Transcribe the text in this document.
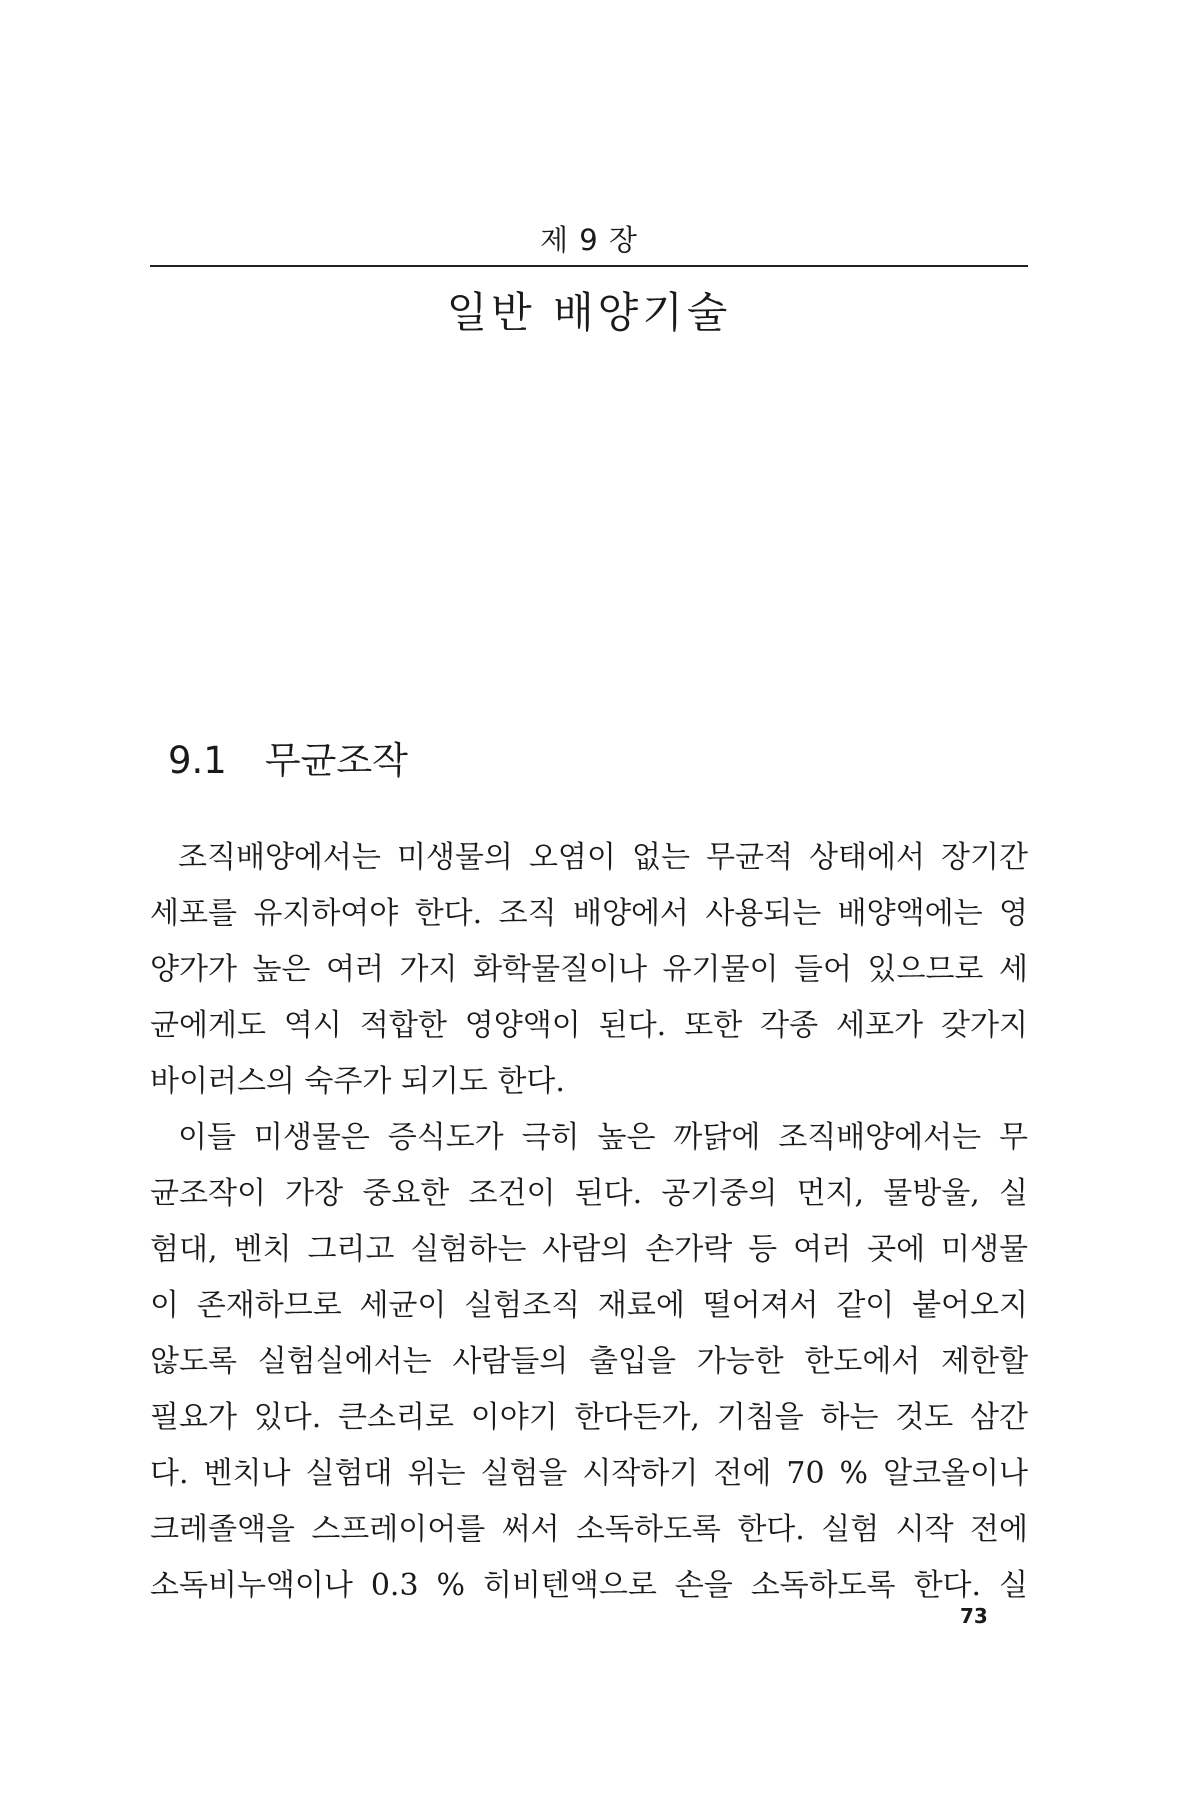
제 9 장
일반 배양기술
9.1 무균조작
조직배양에서는 미생물의 오염이 없는 무균적 상태에서 장기간
세포를 유지하여야 한다. 조직 배양에서 사용되는 배양액에는 영
양가가 높은 여러 가지 화학물질이나 유기물이 들어 있으므로 세
균에게도 역시 적합한 영양액이 된다. 또한 각종 세포가 갖가지
바이러스의 숙주가 되기도 한다.
이들 미생물은 증식도가 극히 높은 까닭에 조직배양에서는 무
균조작이 가장 중요한 조건이 된다. 공기중의 먼지, 물방울, 실
험대, 벤치 그리고 실험하는 사람의 손가락 등 여러 곳에 미생물
이 존재하므로 세균이 실험조직 재료에 떨어져서 같이 붙어오지
않도록 실험실에서는 사람들의 출입을 가능한 한도에서 제한할
필요가 있다. 큰소리로 이야기 한다든가, 기침을 하는 것도 삼간
다. 벤치나 실험대 위는 실험을 시작하기 전에 70 % 알코올이나
크레졸액을 스프레이어를 써서 소독하도록 한다. 실험 시작 전에
소독비누액이나 0.3 % 히비텐액으로 손을 소독하도록 한다. 실
73
